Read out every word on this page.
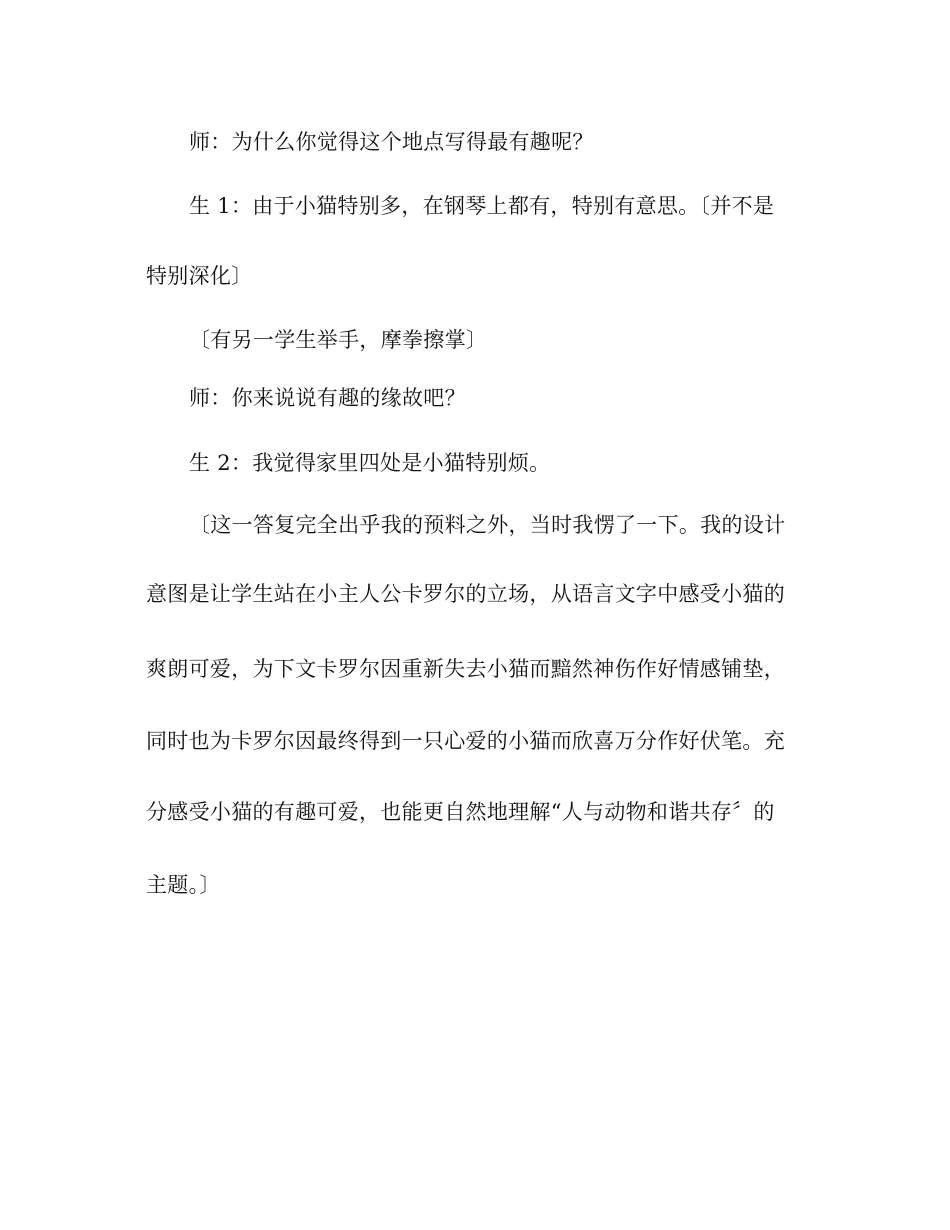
师：为什么你觉得这个地点写得最有趣呢？
生 1：由于小猫特别多，在钢琴上都有，特别有意思。〔并不是
特别深化〕
〔有另一学生举手，摩拳擦掌〕
师：你来说说有趣的缘故吧？
生 2：我觉得家里四处是小猫特别烦。
〔这一答复完全出乎我的预料之外，当时我愣了一下。我的设计
意图是让学生站在小主人公卡罗尔的立场，从语言文字中感受小猫的
爽朗可爱，为下文卡罗尔因重新失去小猫而黯然神伤作好情感铺垫，
同时也为卡罗尔因最终得到一只心爱的小猫而欣喜万分作好伏笔。充
分感受小猫的有趣可爱，也能更自然地理解“人与动物和谐共存〞的
主题。〕
